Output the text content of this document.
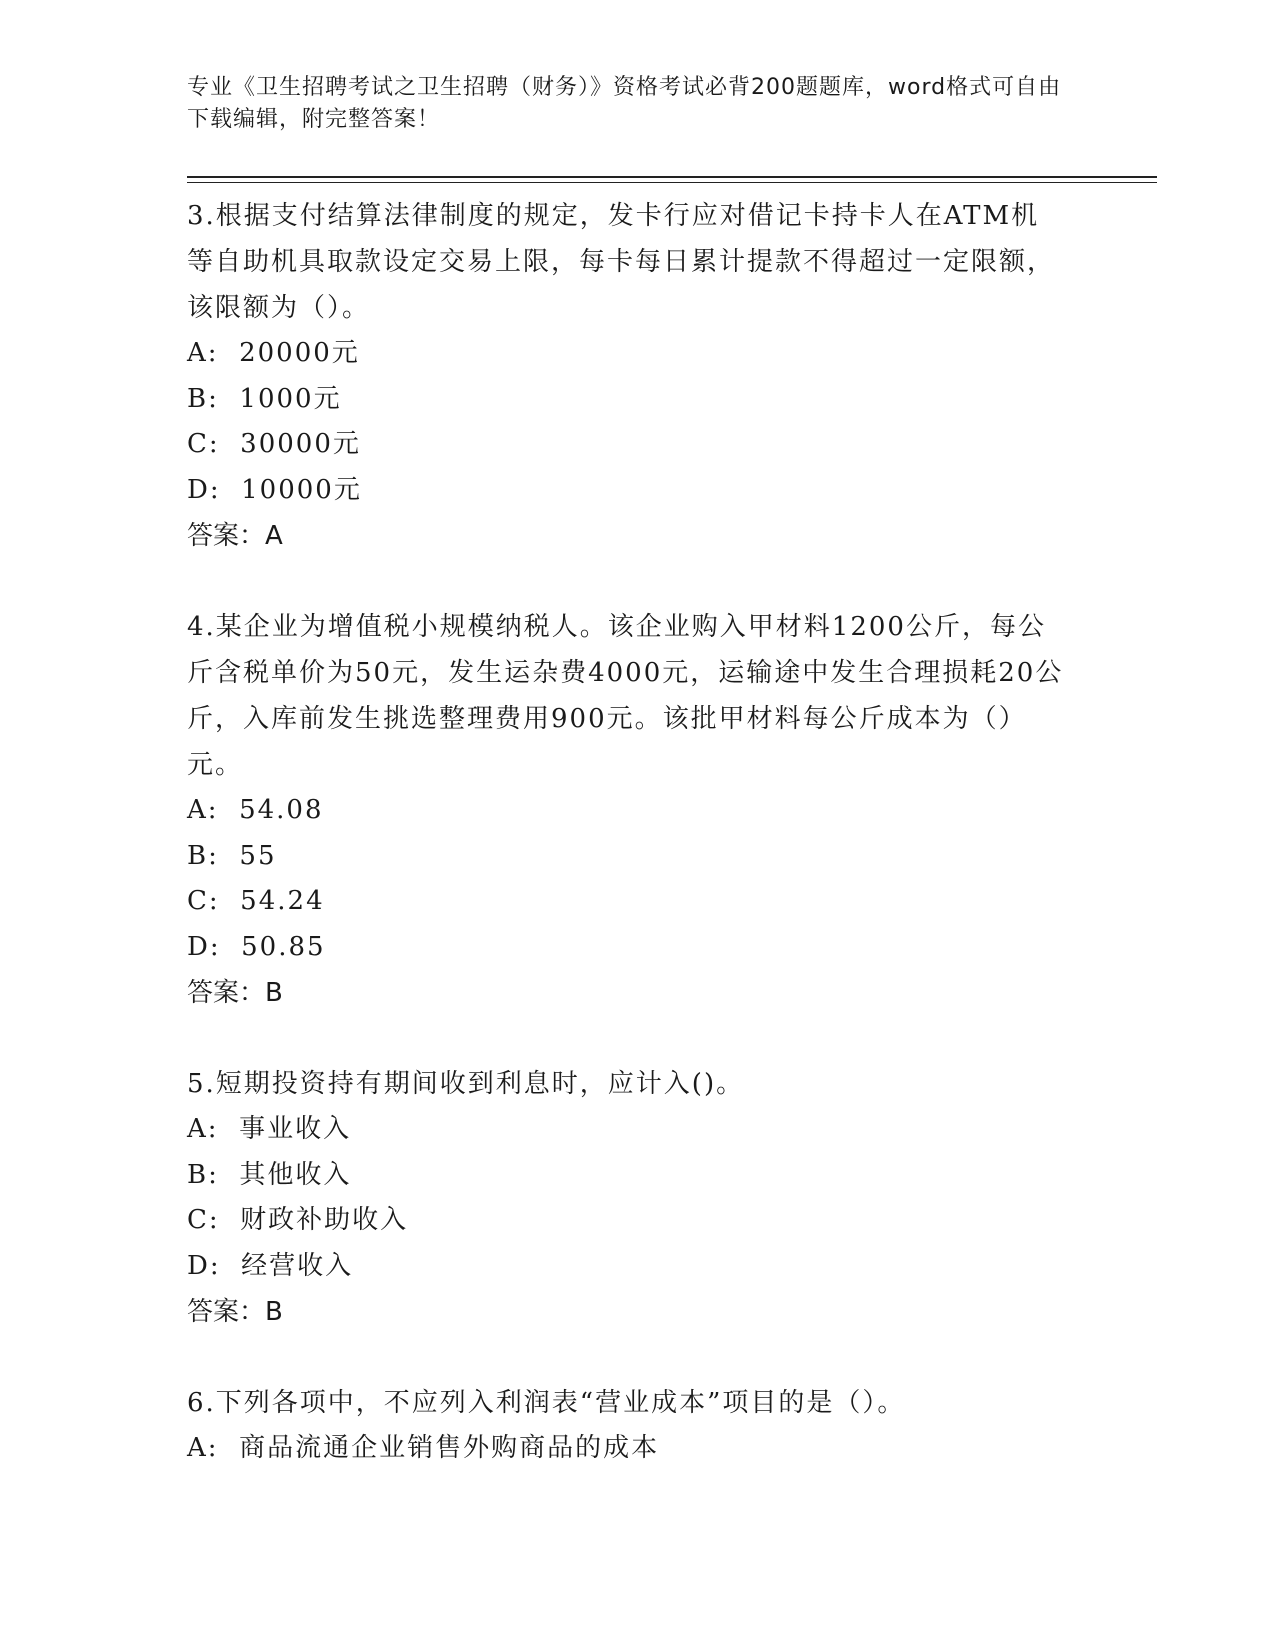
专业《卫生招聘考试之卫生招聘（财务）》资格考试必背200题题库，word格式可自由下载编辑，附完整答案！

3.根据支付结算法律制度的规定，发卡行应对借记卡持卡人在ATM机等自助机具取款设定交易上限，每卡每日累计提款不得超过一定限额，该限额为（）。

A:  20000元

B:  1000元

C:  30000元

D:  10000元

答案：A

4.某企业为增值税小规模纳税人。该企业购入甲材料1200公斤，每公斤含税单价为50元，发生运杂费4000元，运输途中发生合理损耗20公斤，入库前发生挑选整理费用900元。该批甲材料每公斤成本为（）元。

A:  54.08

B:  55

C:  54.24

D:  50.85

答案：B

5.短期投资持有期间收到利息时，应计入()。

A:  事业收入

B:  其他收入

C:  财政补助收入

D:  经营收入

答案：B

6.下列各项中，不应列入利润表“营业成本”项目的是（）。

A:  商品流通企业销售外购商品的成本
